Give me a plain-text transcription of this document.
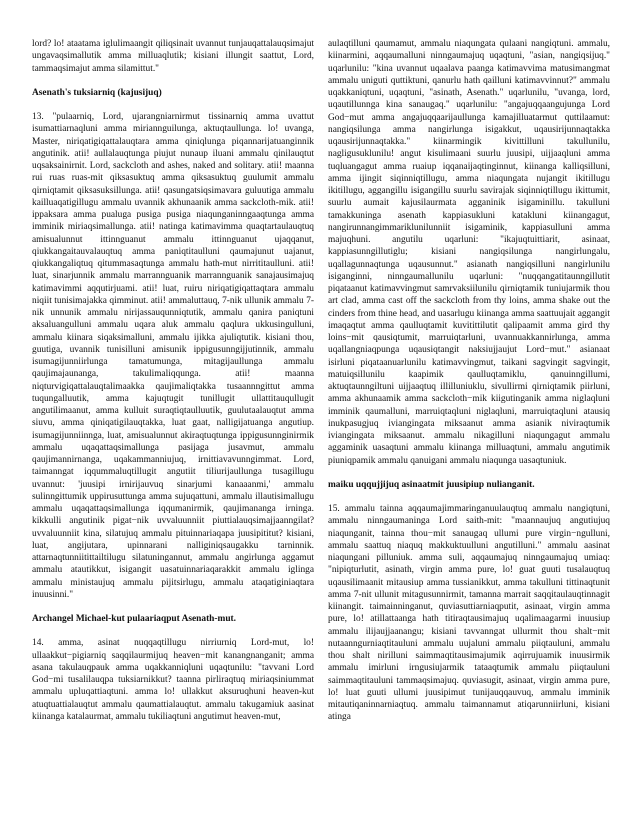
lord? lo! ataatama iglulimaangit qiliqsinait uvannut tunjauqattalauqsimajut ungavaqsimallutik amma milluaqlutik; kisiani illungit saattut, Lord, tammaqsimajut amma silamittut."

Asenath's tuksiarniq (kajusijuq)

13. "pulaarniq, Lord, ujarangniarnirmut tissinarniq amma uvattut isumattiarnaqluni amma miriannguilunga, aktuqtaullunga. lo! uvanga, Master, niriqatigiqattalauqtara amma qiniqlunga piqannarijatuanginnik angutinik. atii! aullalauqtunga piujut nunaup iluani ammalu qinilauqtut uqsaksainirnit. Lord, sackcloth and ashes, naked and solitary. atii! maanna rui ruas ruas-mit qiksasuktuq amma qiksasuktuq guulumit ammalu qirniqtamit qiksasuksillunga. atii! qasungatsiqsimavara guluutiga ammalu kailluaqatigillugu ammalu uvannik akhunaanik amma sackcloth-mik. atii! ippaksara amma pualuga pusiga pusiga niaqunganinngaaqtunga amma imminik miriaqsimallunga. atii! natinga katimavimma quaqtartaulauqtuq amisualunnut ittinnguanut ammalu ittinnguanut ujaqqanut, qiukkangaitauvalauqtuq amma paniqtitaulluni qaumajunut uajanut, qiukkangaliqtuq qitummasaqtunga ammalu hath-mut nirrititaulluni. atii! luat, sinarjunnik ammalu marrannguanik marrannguanik sanajausimajuq katimavimmi aqqutirjuami. atii! luat, ruiru niriqatigiqattaqtara ammalu niqiit tunisimajakka qimminut. atii! ammaluttauq, 7-nik ullunik ammalu 7-nik unnunik ammalu nirijassauqunniqtutik, ammalu qanira paniqtuni aksaluangulluni ammalu uqara aluk ammalu qaqlura ukkusingulluni, ammalu kiinara siqaksimalluni, ammalu ijikka ajuliqtutik. kisiani thou, guutiga, uvannik tunisilluni amisunik ippigusunngijjutinnik, ammalu isumagijunniirlunga tamatumunga, mitagijaullunga ammalu qaujimajaunanga, takulimaliqqunga. atii! maanna niqturvigiqattalauqtalimaakka qaujimaliqtakka tusaannngittut amma tuqungalluutik, amma kajuqtugit tunillugit ullattitauqullugit angutilimaanut, amma kulluit suraqtiqtaulluutik, guulutaalauqtut amma siuvu, amma qiniqatigilauqtakka, luat gaat, nalligijatuanga angutiup. isumagijunniinnga, luat, amisualunnut akiraqtuqtunga ippigusunnginirmik ammalu uqaqattaqsimallunga pasijaga jusavmut, ammalu qaujimannirnanga, uqakammanniujuq, irnittiavavunngimmat. Lord, taimanngat iqqummaluqtillugit angutiit tiliurijaullunga tusagillugu uvannut: 'juusipi irnirijauvuq sinarjumi kanaaanmi,' ammalu sulinngittumik uppirusuttunga amma sujuqattuni, ammalu illautisimallugu ammalu uqaqattaqsimallunga iqqumanirmik, qaujimananga irninga. kikkulli angutinik pigat−nik uvvaluunniit piuttialauqsimajjaanngilat? uvvaluunniit kina, silatujuq ammalu pituinnariaqapa juusipititut? kisiani, luat, angijutara, upinnarani nalliginiqsaugakku tarninnik. attarnaqtunniitittailtilugu silatuningannut, ammalu angirlunga aggamut ammalu atautikkut, isigangit uasatuinnariaqarakkit ammalu iglinga ammalu ministaujuq ammalu pijitsirlugu, ammalu ataqatiginiaqtara inuusinni."

Archangel Michael-kut pulaariaqput Asenath-mut.

14. amma, asinat nuqqaqtillugu nirriurniq Lord-mut, lo! ullaakkut−pigiarniq saqqilaurmijuq heaven−mit kanangnanganit; amma asana takulauqpauk amma uqakkanniqluni uqaqtunilu: "tavvani Lord God−mi tusalilauqpa tuksiarnikkut? taanna pirliraqtuq miriaqsiniummat ammalu upluqattiaqtuni. amma lo! ullakkut aksuruqhuni heaven-kut atuqtuattialauqtut ammalu qaumattialauqtut. ammalu takugamiuk aasinat kiinanga katalaurmat, ammalu tukiliaqtuni angutimut heaven-mut,

aulaqtilluni qaumamut, ammalu niaqungata qulaani nangiqtuni. ammalu, kiinarmini, aqqaumalluni ninngaumajuq uqaqtuni, "asian, nangiqsijuq." uqarlunilu: "kina uvannut uqaalava paanga katimavvima matusimangmat ammalu uniguti quttiktuni, qanurlu hath qailluni katimavvinnut?" ammalu uqakkaniqtuni, uqaqtuni, "asinath, Asenath." uqarlunilu, "uvanga, lord, uqautillunnga kina sanaugaq." uqarlunilu: "angajuqqaangujunga Lord God−mut amma angajuqqaarijaullunga kamajilluatarmut quttilaamut: nangiqsilunga amma nangirlunga isigakkut, uqausirijunnaqtakka uqausirijunnaqtakka." kiinarmingik kivittilluni takullunilu, nagligusuklunilu! angut kisulimaani suurlu juusipi, uijjaaqluni amma tuqluangagut amma ruaiup iqqanaijaqtinginnut, kiinanga kalliqsilluni, amma ijingit siqinniqtillugu, amma niaqungata nujangit ikitillugu ikitillugu, aggangillu isigangillu suurlu savirajak siqinniqtillugu ikittumit, suurlu aumait kajusilaurmata agganinik isigaminillu. takulluni tamakkuninga asenath kappiasukluni katakluni kiinangagut, nangirunnangimmariklunilunniit isigaminik, kappiasulluni amma majuqhuni. angutilu uqarluni: "ikajuqtuittiarit, asinaat, kappiasunngillutiglu; kisiani nangiqsilunga nangirlungalu, uqallagunnaqtunga uqausunnut." asianath nangiqsilluni nangirlunilu isiganginni, ninngaumallunilu uqarluni: "nuqqangatitaunngillutit piqataanut katimavvingmut samrvaksiilunilu qirniqtamik tuniujarmik thou art clad, amma cast off the sackcloth from thy loins, amma shake out the cinders from thine head, and uasarlugu kiinanga amma saattuujait aggangit imaqaqtut amma qaulluqtamit kuvitittilutit qalipaamit amma gird thy loins−mit qausiqtumit, marruiqtarluni, uvannuakkannirlunga, amma uqallangniaqpunga uqausiqtangit naksiujjaujut Lord−mut." asianaat isirluni piqataanuarlunilu katimavvingmut, taikani sagvingit sagvingit, matuiqsillunilu kaapimik qaulluqtamiklu, qanuinngillumi, aktuqtaunngiltuni uijjaaqtuq illilluniuklu, sivullirmi qirniqtamik piirluni, amma akhunaamik amma sackcloth−mik kiigutinganik amma niglaqluni imminik qaumalluni, marruiqtaqluni niglaqluni, marruiqtaqluni atausiq inukpasugjuq iviangingata miksaanut amma asianik niviraqtumik iviangingata miksaanut. ammalu nikagilluni niaqungagut ammalu aggaminik uasaqtuni ammalu kiinanga milluaqtuni, ammalu angutimik piuniqpamik ammalu qanuigani ammalu niaqunga uasaqtuniuk.

maiku uqqujjijuq asinaatmit juusipiup nulianganit.

15. ammalu tainna aqqaumajimmaringanuulauqtuq ammalu nangiqtuni, ammalu ninngaumaninga Lord saith-mit: "maannaujuq angutiujuq niaqunganit, tainna thou−mit sanaugaq ullumi pure virgin−ngulluni, ammalu saattuq niaquq makkuktuulluni angutilluni." ammalu aasinat niaqungani pilluniuk. amma suli, aqqaumajuq ninngaumajuq umiaq: "nipiqturlutit, asinath, virgin amma pure, lo! guat guuti tusalauqtuq uqausilimaanit mitausiup amma tussianikkut, amma takulluni tittinaqtunit amma 7-nit ullunit mitagusunnirmit, tamanna marrait saqqitaulauqtinnagit kiinangit. taimainninganut, quviasuttiarniaqputit, asinaat, virgin amma pure, lo! atillattaanga hath titiraqtausimajuq uqalimaagarmi inuusiup ammalu ilijaujjaanangu; kisiani tavvanngat ullurmit thou shalt−mit nutaanngurniaqtitauluni ammalu uujaluni ammalu piiqtauluni, ammalu thou shalt nirilluni saimmaqtitausimajumik aqirrujuamik inuusirmik ammalu imirluni irngusiujarmik tataaqtumik ammalu piiqtauluni saimmaqtitauluni tammaqsimajuq. quviasugit, asinaat, virgin amma pure, lo! luat guuti ullumi juusipimut tunijauqqauvuq, ammalu imminik mitautiqaninnarniaqtuq. ammalu taimannamut atiqarunniirluni, kisiani atinga
